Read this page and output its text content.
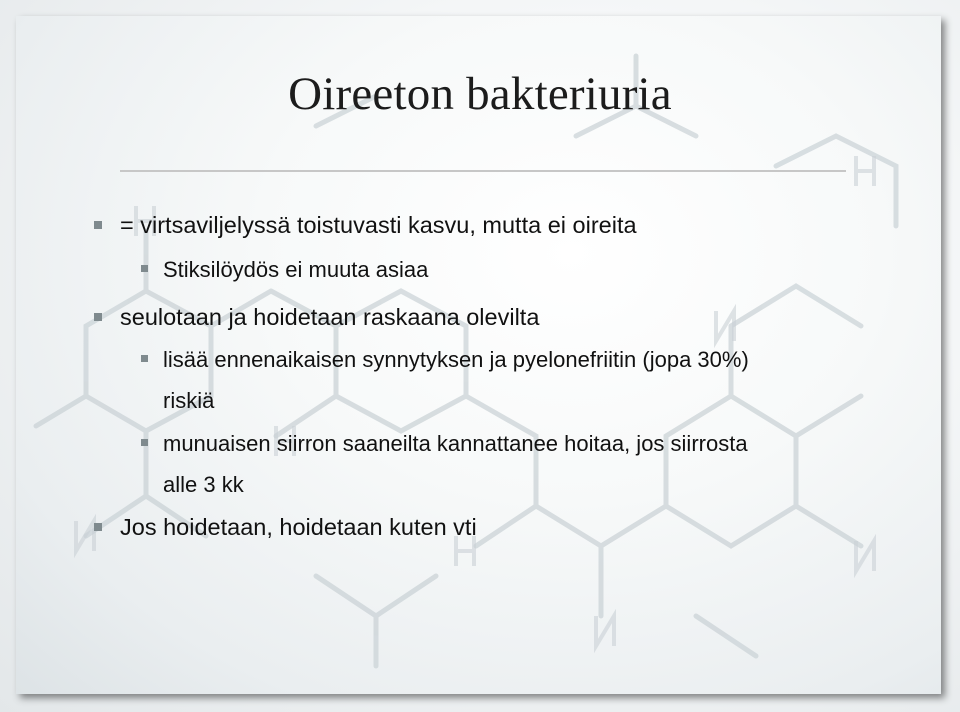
Oireeton bakteriuria
= virtsaviljelyssä toistuvasti kasvu, mutta ei oireita
Stiksilöydös ei muuta asiaa
seulotaan ja hoidetaan raskaana olevilta
lisää ennenaikaisen synnytyksen ja pyelonefriitin (jopa 30%)
riskiä
munuaisen siirron saaneilta kannattanee hoitaa, jos siirrosta
alle 3 kk
Jos hoidetaan, hoidetaan kuten vti
